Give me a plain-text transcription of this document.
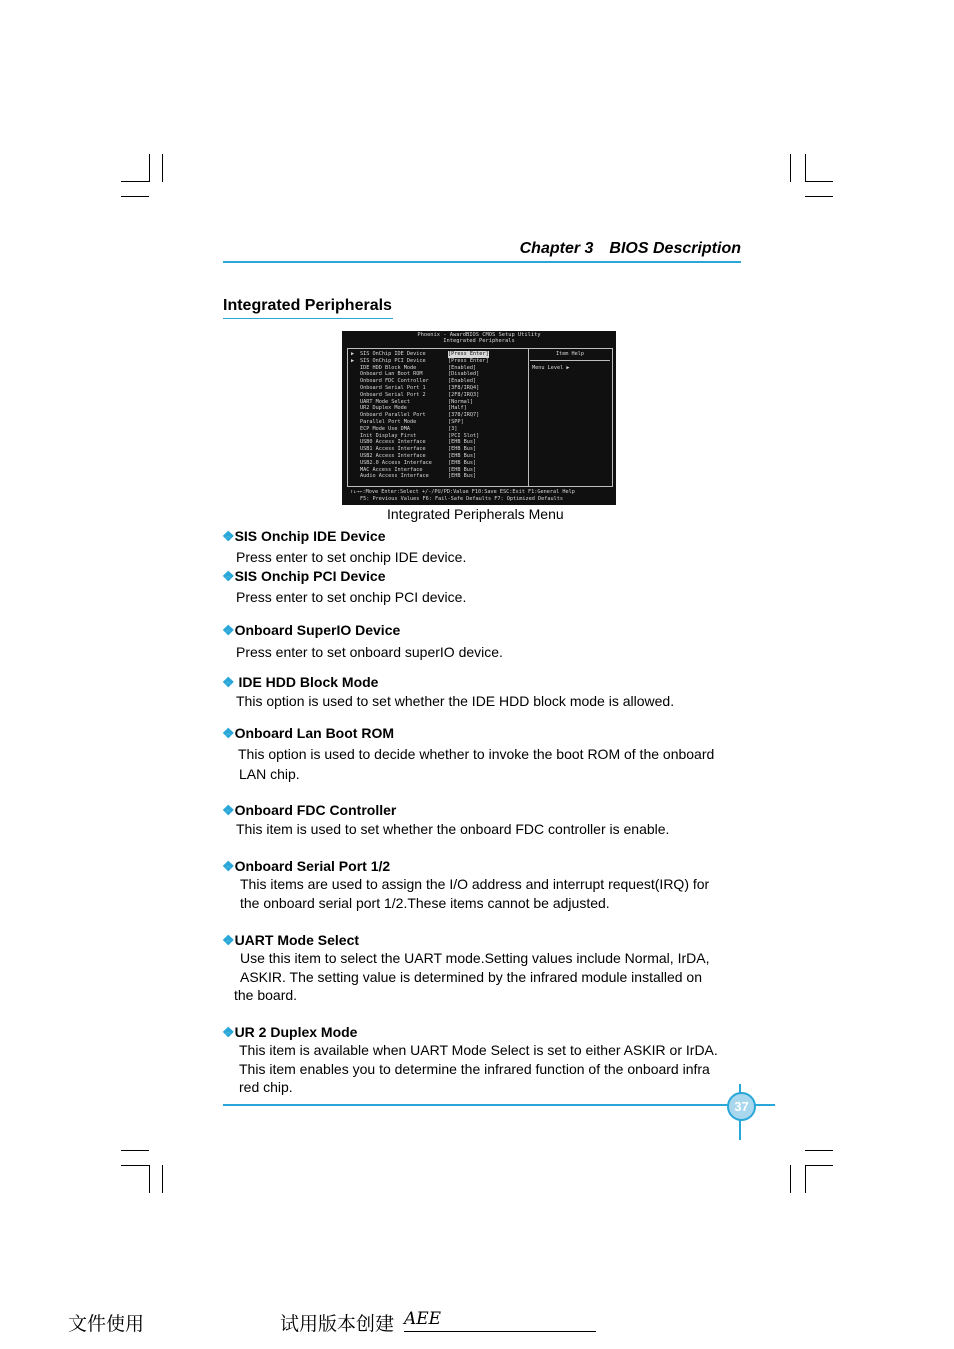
Chapter 3 BIOS Description
Integrated Peripherals
Phoenix - AwardBIOS CMOS Setup Utility
Integrated Peripherals
▶ SIS OnChip IDE Device	[Press Enter]
▶ SIS OnChip PCI Device	[Press Enter]
IDE HDD Block Mode	[Enabled]
Onboard Lan Boot ROM	[Disabled]
Onboard FDC Controller	[Enabled]
Onboard Serial Port 1	[3F8/IRQ4]
Onboard Serial Port 2	[2F8/IRQ3]
UART Mode Select	[Normal]
UR2 Duplex Mode	[Half]
Onboard Parallel Port	[378/IRQ7]
Parallel Port Mode	[SPP]
ECP Mode Use DMA	[3]
Init Display First	[PCI Slot]
USB0 Access Interface	[EHB Bus]
USB1 Access Interface	[EHB Bus]
USB2 Access Interface	[EHB Bus]
USB2.0 Access Interface	[EHB Bus]
MAC Access Interface	[EHB Bus]
Audio Access Interface	[EHB Bus]
Item Help
Menu Level ▶
↑↓→←:Move Enter:Select +/-/PU/PD:Value F10:Save ESC:Exit F1:General Help
F5: Previous Values F6: Fail-Safe Defaults F7: Optimized Defaults
Integrated Peripherals Menu
❖SIS Onchip IDE Device
Press enter to set onchip IDE device.
❖SIS Onchip PCI Device
Press enter to set onchip PCI device.
❖Onboard SuperIO Device
Press enter to set onboard superIO device.
❖ IDE HDD Block Mode
This option is used to set whether the IDE HDD block mode is allowed.
❖Onboard Lan Boot ROM
This option is used to decide whether to invoke the boot ROM of the onboard
LAN chip.
❖Onboard FDC Controller
This item is used to set whether the onboard FDC controller is enable.
❖Onboard Serial Port 1/2
This items are used to assign the I/O address and interrupt request(IRQ) for
the onboard serial port 1/2.These items cannot be adjusted.
❖UART Mode Select
Use this item to select the UART mode.Setting values include Normal, IrDA,
ASKIR. The setting value is determined by the infrared module installed on
the board.
❖UR 2 Duplex Mode
This item is available when UART Mode Select is set to either ASKIR or IrDA.
This item enables you to determine the infrared function of the onboard infra
red chip.
37
文件使用	试用版本创建 AEE
